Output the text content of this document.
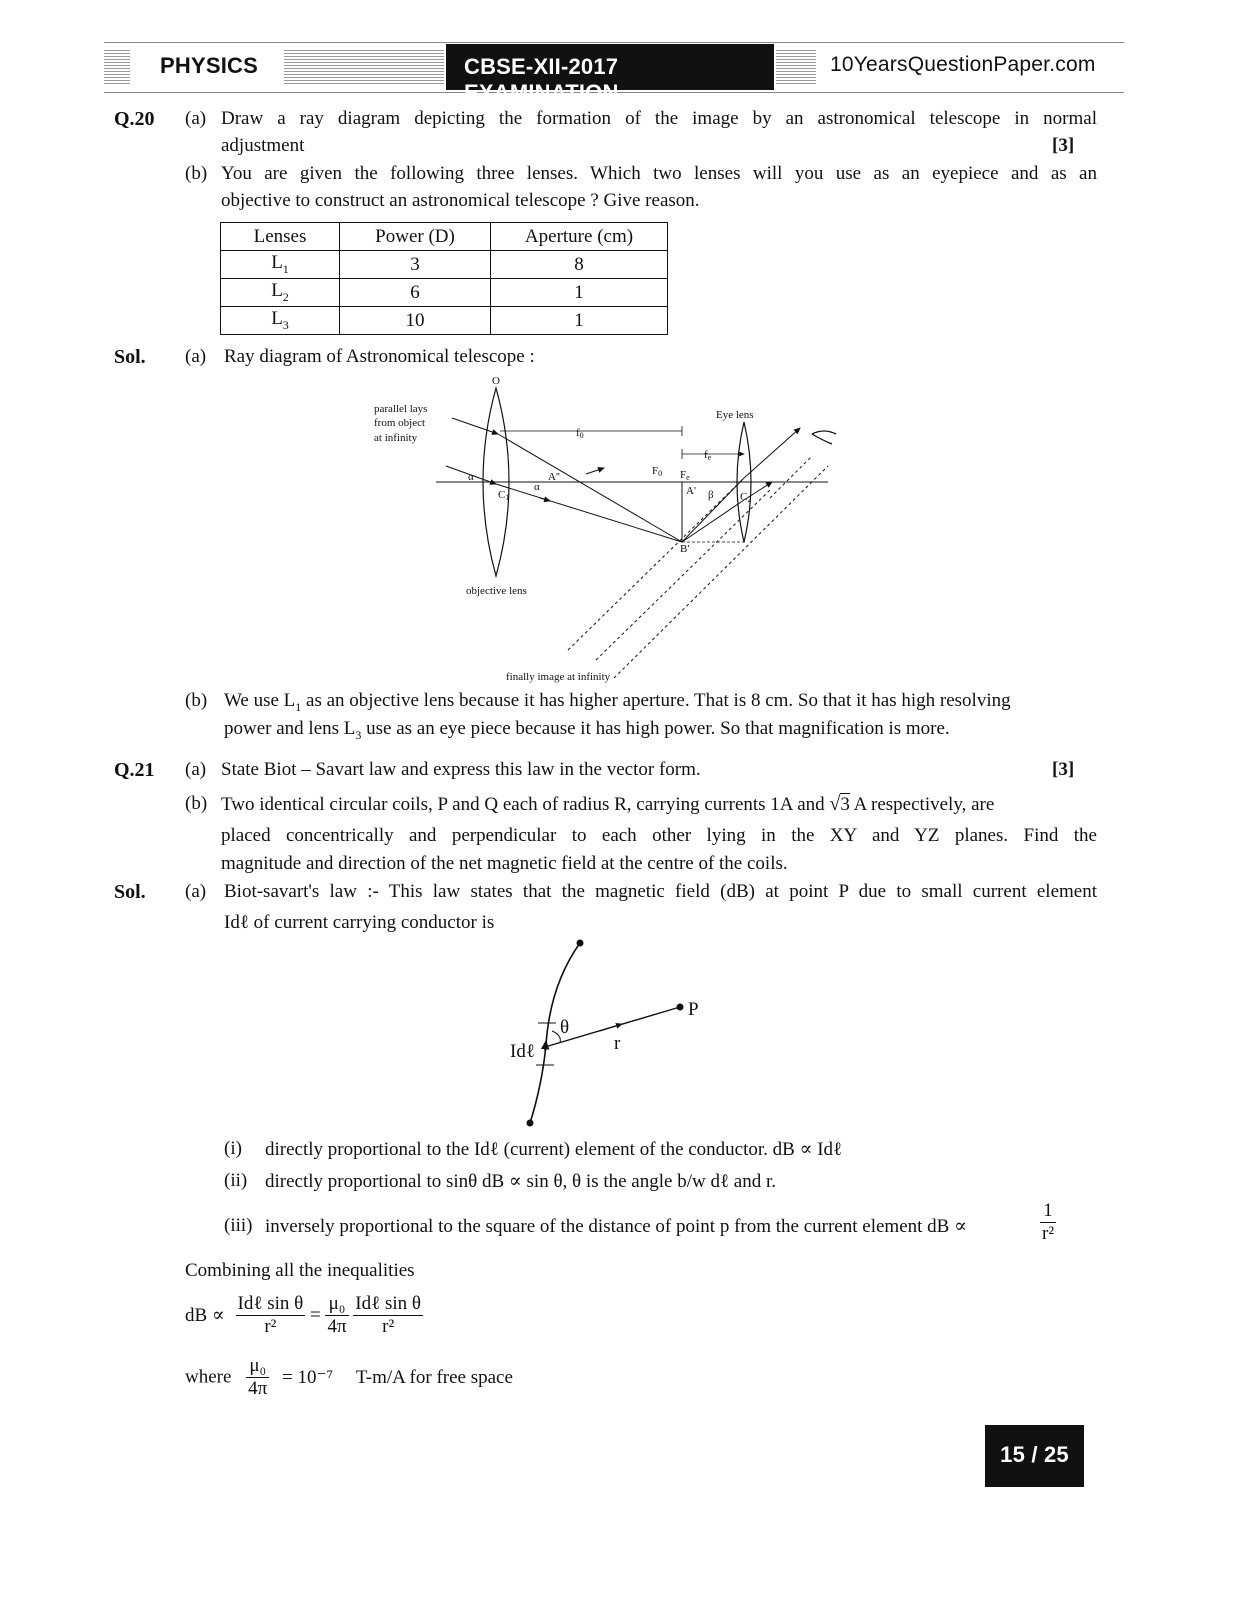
PHYSICS	CBSE-XII-2017 EXAMINATION
10YearsQuestionPaper.com
Q.20 (a) Draw a ray diagram depicting the formation of the image by an astronomical telescope in normal
adjustment	[3]
(b) You are given the following three lenses. Which two lenses will you use as an eyepiece and as an
objective to construct an astronomical telescope ? Give reason.
Lenses	Power (D)	Aperture (cm)
$L_1$	3	8
$L_2$	6	1
$L_3$	10	1
Sol. (a) Ray diagram of Astronomical telescope :
O
parallel lays
from object
at infinity
Eye lens
f0
fe
F0 Fe
A''
A'
B'
α
α
β
C1	C2
objective lens
finally image at infinity
(b) We use $L_1$ as an objective lens because it has higher aperture. That is 8 cm. So that it has high resolving
power and lens $L_3$ use as an eye piece because it has high power. So that magnification is more.
Q.21 (a) State Biot – Savart law and express this law in the vector form.	[3]
(b) Two identical circular coils, P and Q each of radius R, carrying currents 1A and √3 A respectively, are
placed concentrically and perpendicular to each other lying in the XY and YZ planes. Find the
magnitude and direction of the net magnetic field at the centre of the coils.
Sol. (a) Biot-savart's law :- This law states that the magnetic field (dB) at point P due to small current element
Idℓ of current carrying conductor is
P
θ
r
Idℓ
(i) directly proportional to the Idℓ (current) element of the conductor. dB ∝ Idℓ
(ii) directly proportional to sinθ dB ∝ sin θ, θ is the angle b/w dℓ and r.
(iii) inversely proportional to the square of the distance of point p from the current element dB ∝	$\frac{1}{\text{r²}}$
Combining all the inequalities
dB ∝ $\frac{\text{Idℓ sin θ}}{\text{r²}} = \frac{\text{μ₀}}{4\pi}$
$\frac{\text{Idℓ sin θ}}{\text{r²}}$
where $\frac{\text{μ₀}}{4\pi} = 10^{-7}$ T-m/A for free space
15 / 25
